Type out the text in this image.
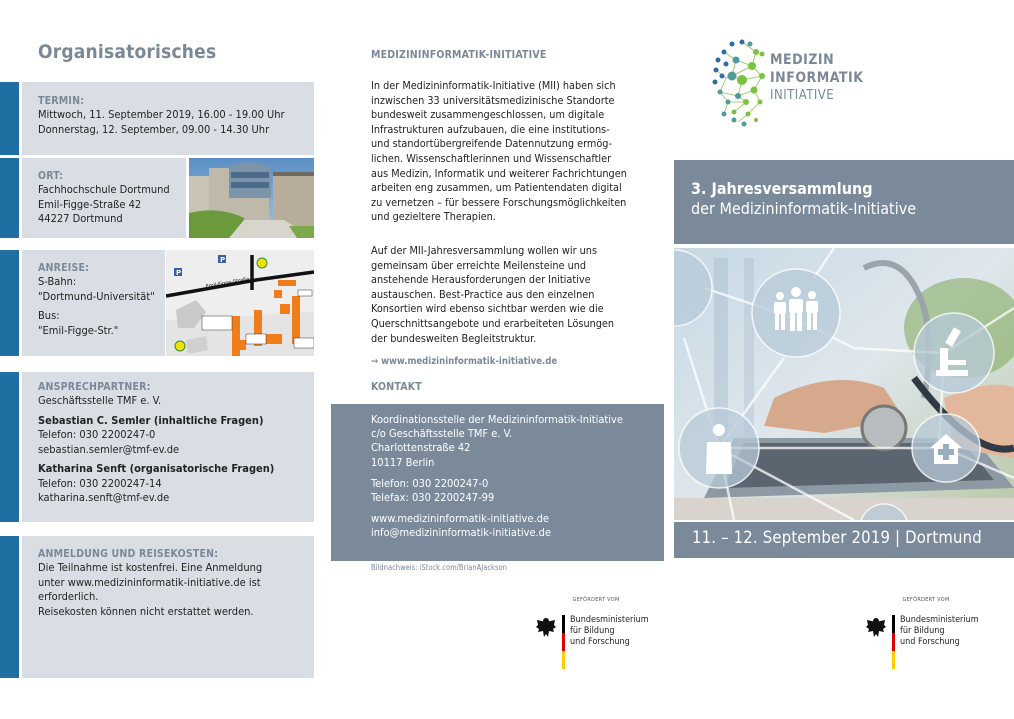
Organisatorisches
TERMIN:
Mittwoch, 11. September 2019, 16.00 - 19.00 Uhr
Donnerstag, 12. September, 09.00 - 14.30 Uhr
ORT:
Fachhochschule Dortmund
Emil-Figge-Straße 42
44227 Dortmund
ANREISE:
S-Bahn:
"Dortmund-Universität"
Bus:
"Emil-Figge-Str."
P
P
Emil-Figge-Straße
ANSPRECHPARTNER:
Geschäftsstelle TMF e. V.
Sebastian C. Semler (inhaltliche Fragen)
Telefon: 030 2200247-0
sebastian.semler@tmf-ev.de
Katharina Senft (organisatorische Fragen)
Telefon: 030 2200247-14
katharina.senft@tmf-ev.de
ANMELDUNG UND REISEKOSTEN:
Die Teilnahme ist kostenfrei. Eine Anmeldung
unter www.medizininformatik-initiative.de ist
erforderlich.
Reisekosten können nicht erstattet werden.
MEDIZININFORMATIK-INITIATIVE
In der Medizininformatik-Initiative (MII) haben sich
inzwischen 33 universitätsmedizinische Standorte
bundesweit zusammengeschlossen, um digitale
Infrastrukturen aufzubauen, die eine institutions-
und standortübergreifende Datennutzung ermög-
lichen. Wissenschaftlerinnen und Wissenschaftler
aus Medizin, Informatik und weiterer Fachrichtungen
arbeiten eng zusammen, um Patientendaten digital
zu vernetzen – für bessere Forschungsmöglichkeiten
und gezieltere Therapien.
Auf der MII-Jahresversammlung wollen wir uns
gemeinsam über erreichte Meilensteine und
anstehende Herausforderungen der Initiative
austauschen. Best-Practice aus den einzelnen
Konsortien wird ebenso sichtbar werden wie die
Querschnittsangebote und erarbeiteten Lösungen
der bundesweiten Begleitstruktur.
→ www.medizininformatik-initiative.de
KONTAKT
Koordinationsstelle der Medizininformatik-Initiative
c/o Geschäftsstelle TMF e. V.
Charlottenstraße 42
10117 Berlin
Telefon: 030 2200247-0
Telefax: 030 2200247-99
www.medizininformatik-initiative.de
info@medizininformatik-initiative.de
Bildnachweis: iStock.com/BrianAJackson
GEFÖRDERT VOM
Bundesministerium
für Bildung
und Forschung
MEDIZIN
INFORMATIK
INITIATIVE
3. Jahresversammlung
der Medizininformatik-Initiative
11. – 12. September 2019 | Dortmund
GEFÖRDERT VOM
Bundesministerium
für Bildung
und Forschung
